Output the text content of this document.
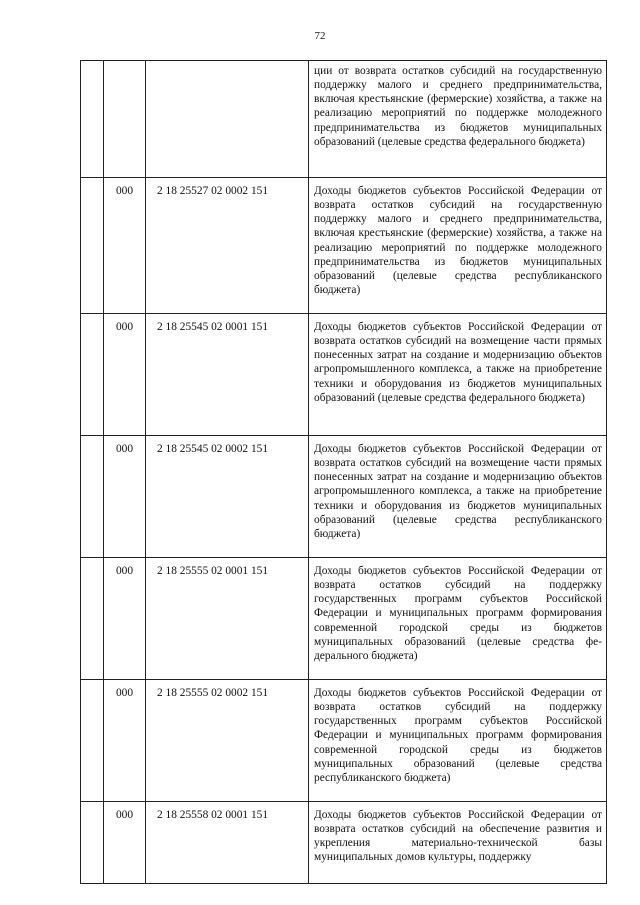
72
			ции от возврата остатков субсидий на государственную поддержку малого и среднего предпринимательства, включая крестьянские (фермерские) хозяйства, а также на реализацию мероприятий по поддержке молодежного предпринимательства из бюджетов муниципальных образований (целевые средства федерального бюджета)
	000	2 18 25527 02 0002 151	Доходы бюджетов субъектов Российской Федерации от возврата остатков субсидий на государственную поддержку малого и среднего предпринимательства, включая крестьянские (фермерские) хозяйства, а также на реализацию мероприятий по поддержке молодежного предпринимательства из бюджетов муниципальных образований (целевые средства республиканского бюджета)
	000	2 18 25545 02 0001 151	Доходы бюджетов субъектов Российской Федерации от возврата остатков субсидий на возмещение части прямых понесенных затрат на создание и модернизацию объектов агропромышленного комплекса, а также на приобретение техники и оборудования из бюджетов муниципальных образований (целевые средства федерального бюджета)
	000	2 18 25545 02 0002 151	Доходы бюджетов субъектов Российской Федерации от возврата остатков субсидий на возмещение части прямых понесенных затрат на создание и модернизацию объектов агропромышленного комплекса, а также на приобретение техники и оборудования из бюджетов муниципальных образований (целевые средства республиканского бюджета)
	000	2 18 25555 02 0001 151	Доходы бюджетов субъектов Российской Федерации от возврата остатков субсидий на поддержку государственных программ субъектов Российской Федерации и муниципальных программ формирования современной городской среды из бюджетов муниципальных образований (целевые средства федерального бюджета)
	000	2 18 25555 02 0002 151	Доходы бюджетов субъектов Российской Федерации от возврата остатков субсидий на поддержку государственных программ субъектов Российской Федерации и муниципальных программ формирования современной городской среды из бюджетов муниципальных образований (целевые средства республиканского бюджета)
	000	2 18 25558 02 0001 151	Доходы бюджетов субъектов Российской Федерации от возврата остатков субсидий на обеспечение развития и укрепления материально-технической базы муниципальных домов культуры, поддержку
